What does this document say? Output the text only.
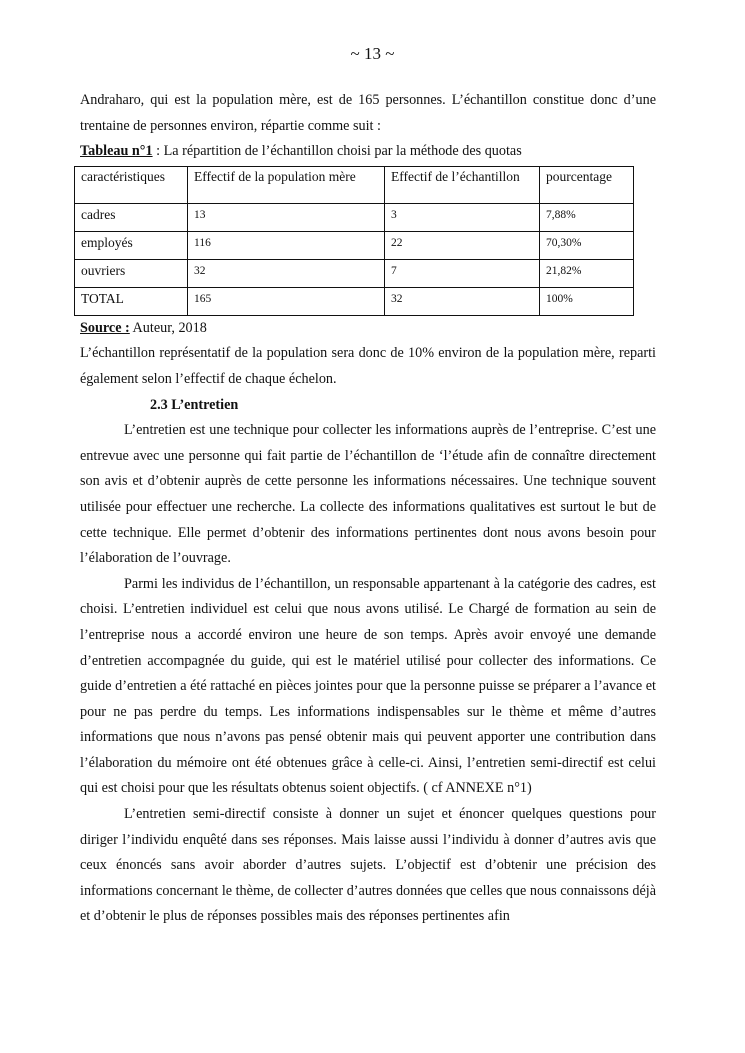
~ 13 ~

Andraharo, qui est la population mère, est de 165 personnes. L’échantillon constitue donc d’une trentaine de personnes environ, répartie comme suit :

Tableau n°1 : La répartition de l’échantillon choisi par la méthode des quotas

caractéristiques	Effectif de la population mère	Effectif de l’échantillon	pourcentage
cadres	13	3	7,88%
employés	116	22	70,30%
ouvriers	32	7	21,82%
TOTAL	165	32	100%

Source : Auteur, 2018

L’échantillon représentatif de la population sera donc de 10% environ de la population mère, reparti également selon l’effectif de chaque échelon.

2.3 L’entretien

L’entretien est une technique pour collecter les informations auprès de l’entreprise. C’est une entrevue avec une personne qui fait partie de l’échantillon de ‘l’étude afin de connaître directement son avis et d’obtenir auprès de cette personne les informations nécessaires. Une technique souvent utilisée pour effectuer une recherche. La collecte des informations qualitatives est surtout le but de cette technique. Elle permet d’obtenir des informations pertinentes dont nous avons besoin pour l’élaboration de l’ouvrage.

Parmi les individus de l’échantillon, un responsable appartenant à la catégorie des cadres, est choisi. L’entretien individuel est celui que nous avons utilisé. Le Chargé de formation au sein de l’entreprise nous a accordé environ une heure de son temps. Après avoir envoyé une demande d’entretien accompagnée du guide, qui est le matériel utilisé pour collecter des informations. Ce guide d’entretien a été rattaché en pièces jointes pour que la personne puisse se préparer a l’avance et pour ne pas perdre du temps. Les informations indispensables sur le thème et même d’autres informations que nous n’avons pas pensé obtenir mais qui peuvent apporter une contribution dans l’élaboration du mémoire ont été obtenues grâce à celle-ci. Ainsi, l’entretien semi-directif est celui qui est choisi pour que les résultats obtenus soient objectifs. ( cf ANNEXE n°1)

L’entretien semi-directif consiste à donner un sujet et énoncer quelques questions pour diriger l’individu enquêté dans ses réponses. Mais laisse aussi l’individu à donner d’autres avis que ceux énoncés sans avoir aborder d’autres sujets. L’objectif est d’obtenir une précision des informations concernant le thème, de collecter d’autres données que celles que nous connaissons déjà et d’obtenir le plus de réponses possibles mais des réponses pertinentes afin
